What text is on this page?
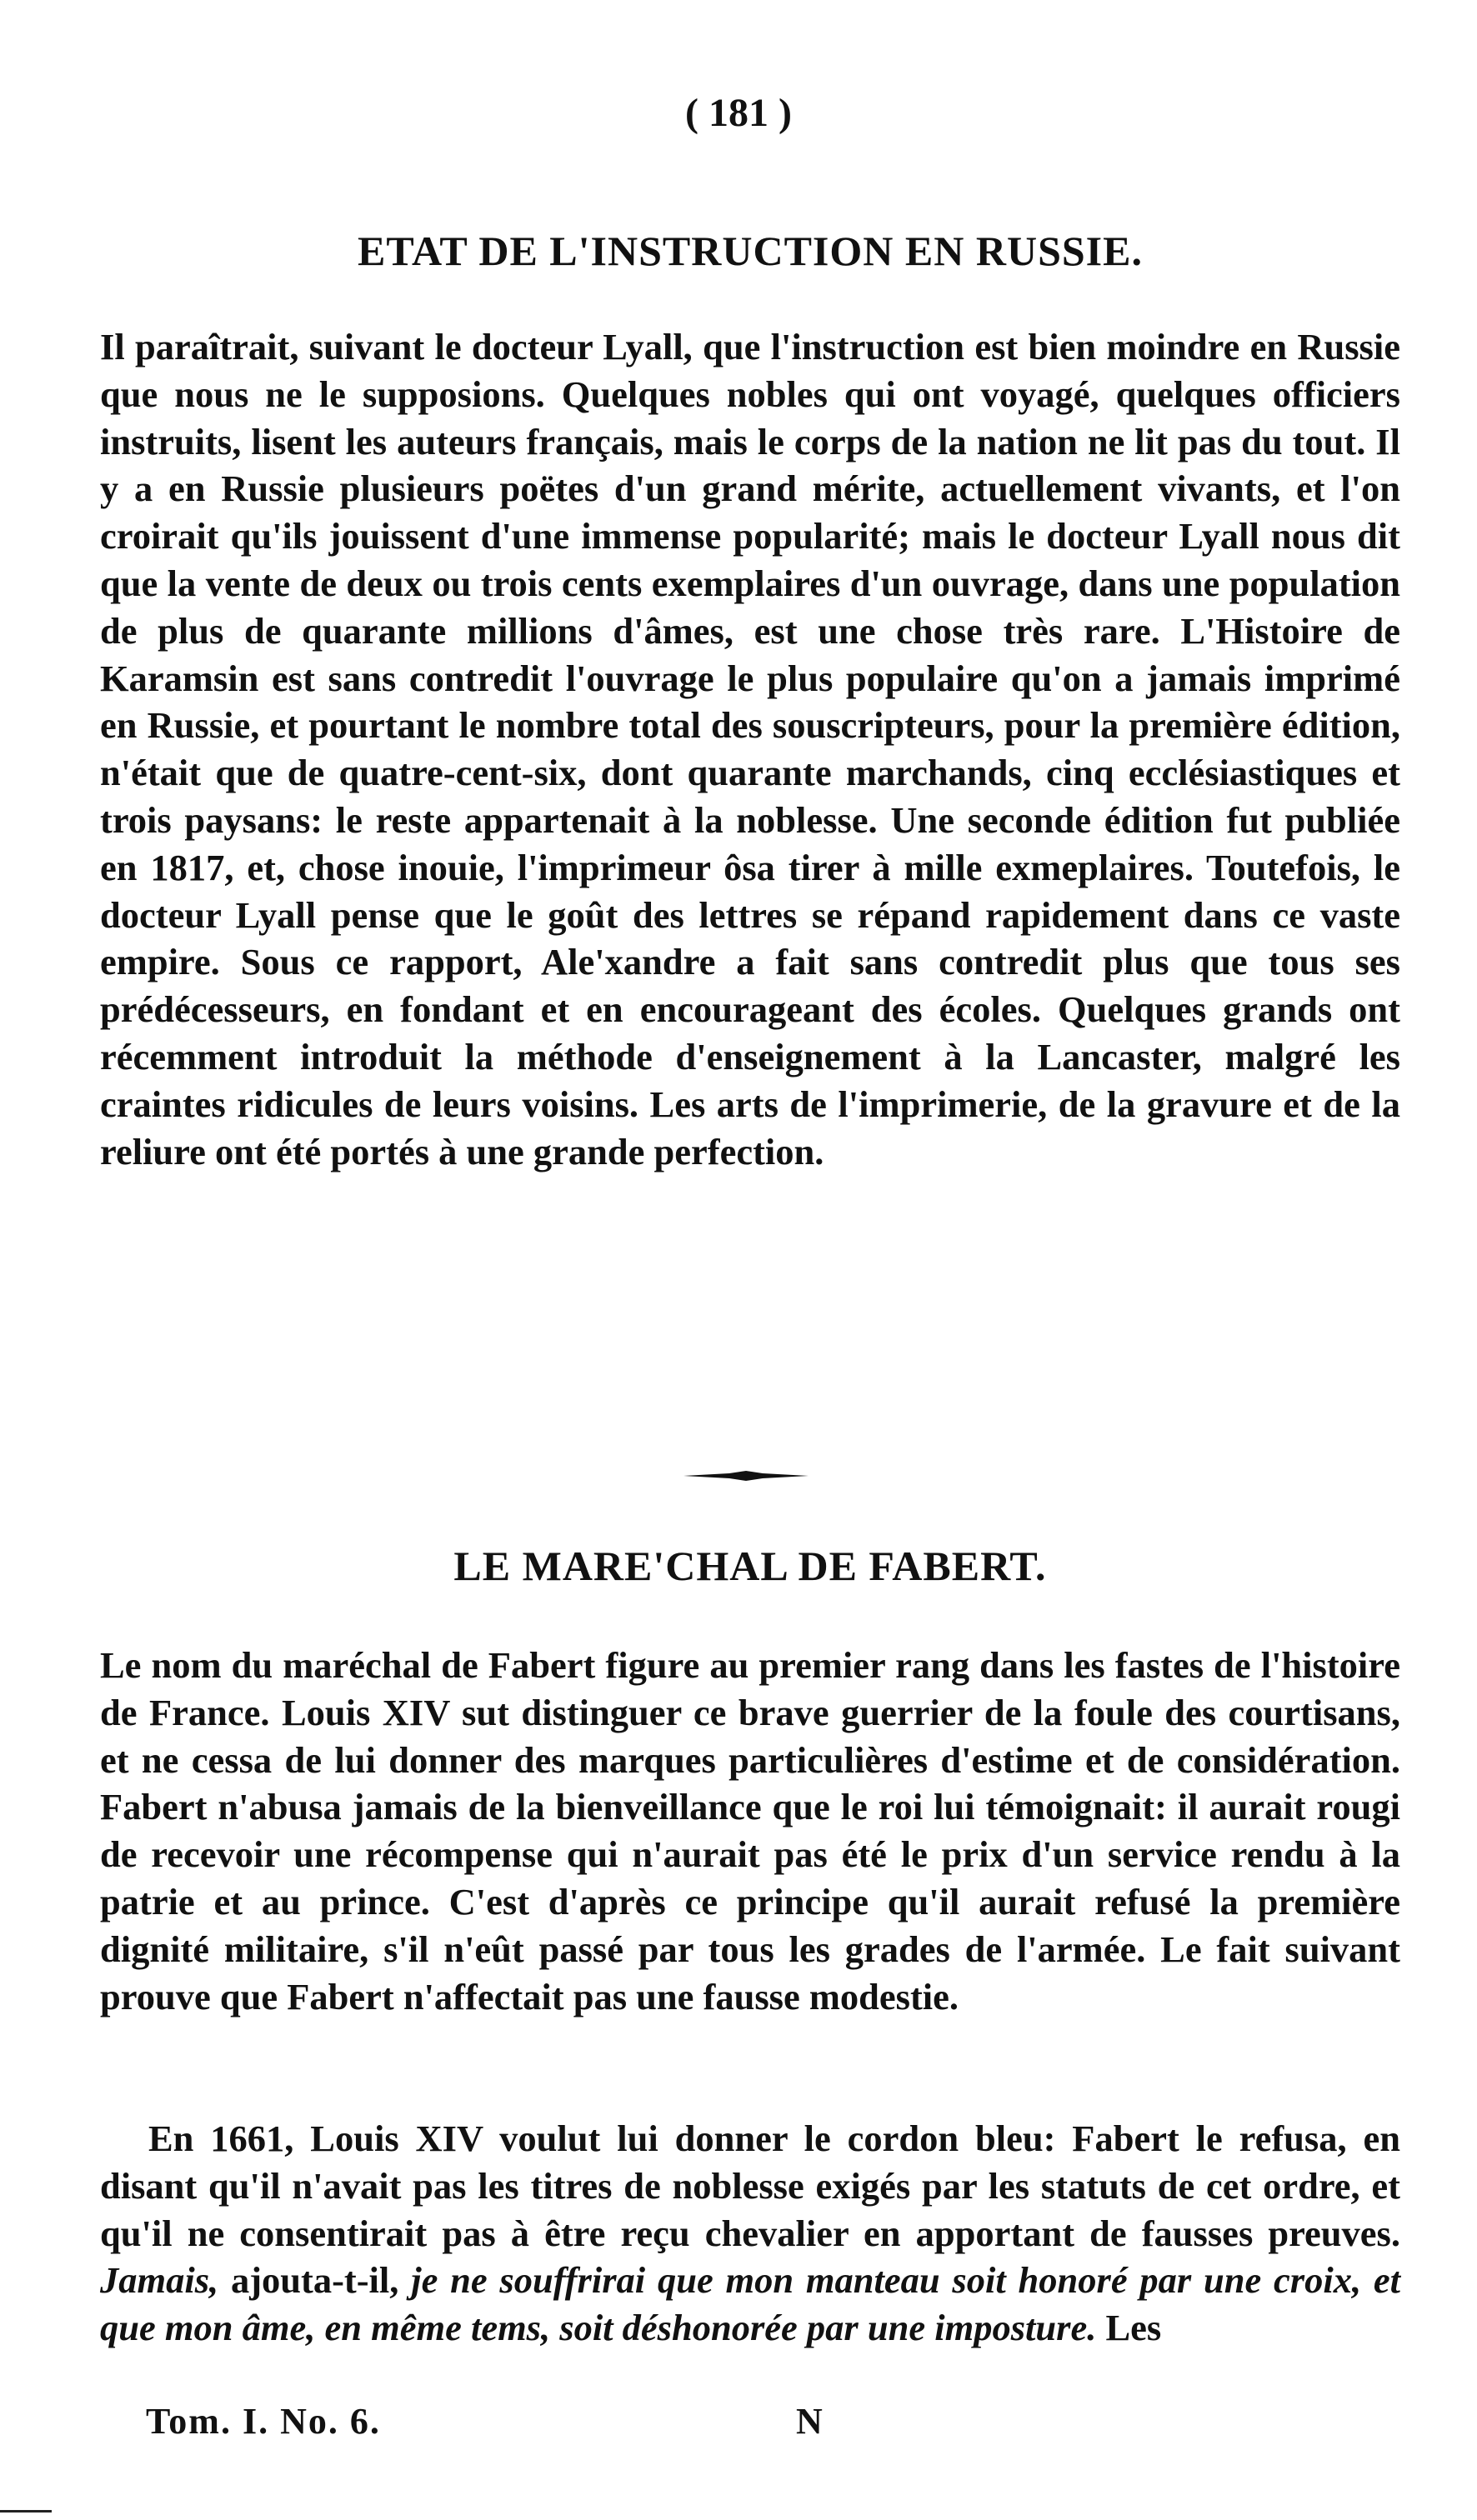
( 181 )
ETAT DE L'INSTRUCTION EN RUSSIE.
Il paraîtrait, suivant le docteur Lyall, que l'instruction est bien moindre en Russie que nous ne le supposions. Quelques nobles qui ont voyagé, quelques officiers instruits, lisent les auteurs français, mais le corps de la nation ne lit pas du tout. Il y a en Russie plusieurs poëtes d'un grand mérite, actuellement vivants, et l'on croirait qu'ils jouissent d'une immense popularité; mais le docteur Lyall nous dit que la vente de deux ou trois cents exemplaires d'un ouvrage, dans une population de plus de quarante millions d'âmes, est une chose très rare. L'Histoire de Karamsin est sans contredit l'ouvrage le plus populaire qu'on a jamais imprimé en Russie, et pourtant le nombre total des souscripteurs, pour la première édition, n'était que de quatre-cent-six, dont quarante marchands, cinq ecclésiastiques et trois paysans: le reste appartenait à la noblesse. Une seconde édition fut publiée en 1817, et, chose inouie, l'imprimeur ôsa tirer à mille exmeplaires. Toutefois, le docteur Lyall pense que le goût des lettres se répand rapidement dans ce vaste empire. Sous ce rapport, Ale'xandre a fait sans contredit plus que tous ses prédécesseurs, en fondant et en encourageant des écoles. Quelques grands ont récemment introduit la méthode d'enseignement à la Lancaster, malgré les craintes ridicules de leurs voisins. Les arts de l'imprimerie, de la gravure et de la reliure ont été portés à une grande perfection.
LE MARE'CHAL DE FABERT.
Le nom du maréchal de Fabert figure au premier rang dans les fastes de l'histoire de France. Louis XIV sut distinguer ce brave guerrier de la foule des courtisans, et ne cessa de lui donner des marques particulières d'estime et de considération. Fabert n'abusa jamais de la bienveillance que le roi lui témoignait: il aurait rougi de recevoir une récompense qui n'aurait pas été le prix d'un service rendu à la patrie et au prince. C'est d'après ce principe qu'il aurait refusé la première dignité militaire, s'il n'eût passé par tous les grades de l'armée. Le fait suivant prouve que Fabert n'affectait pas une fausse modestie.
En 1661, Louis XIV voulut lui donner le cordon bleu: Fabert le refusa, en disant qu'il n'avait pas les titres de noblesse exigés par les statuts de cet ordre, et qu'il ne consentirait pas à être reçu chevalier en apportant de fausses preuves. Jamais, ajouta-t-il, je ne souffrirai que mon manteau soit honoré par une croix, et que mon âme, en même tems, soit déshonorée par une imposture. Les
Tom. I. No. 6.	N
